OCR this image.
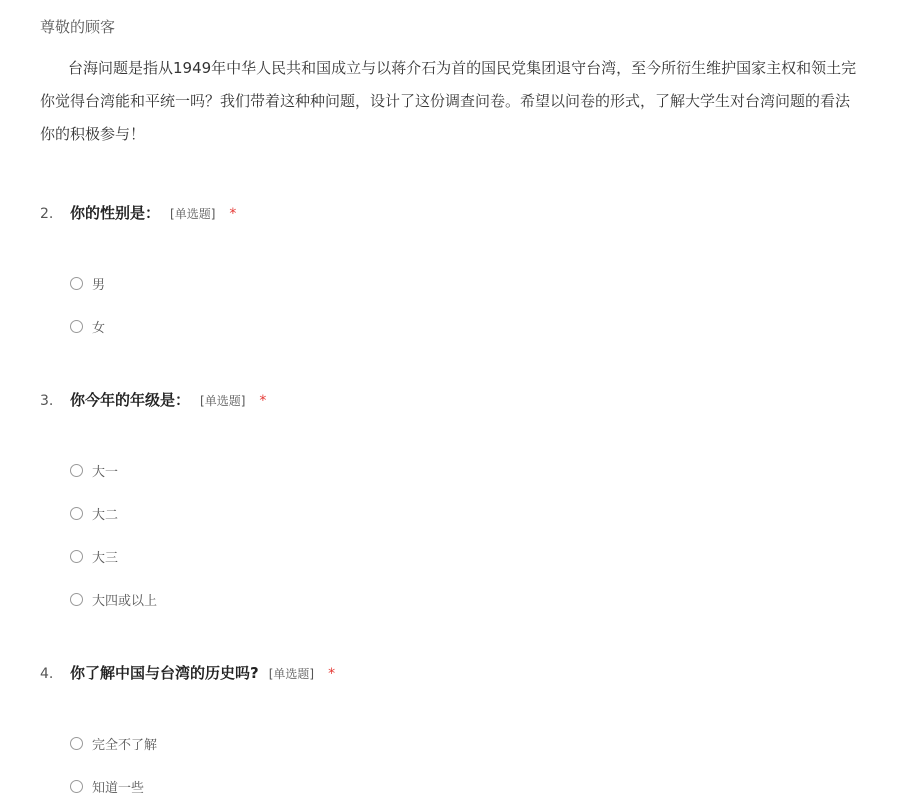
尊敬的顾客
台海问题是指从1949年中华人民共和国成立与以蒋介石为首的国民党集团退守台湾，至今所衍生维护国家主权和领土完
你觉得台湾能和平统一吗？我们带着这种种问题，设计了这份调查问卷。希望以问卷的形式，了解大学生对台湾问题的看法
你的积极参与！
2.	你的性别是： [单选题] *
男
女
3.	你今年的年级是： [单选题] *
大一
大二
大三
大四或以上
4.	你了解中国与台湾的历史吗? [单选题] *
完全不了解
知道一些
